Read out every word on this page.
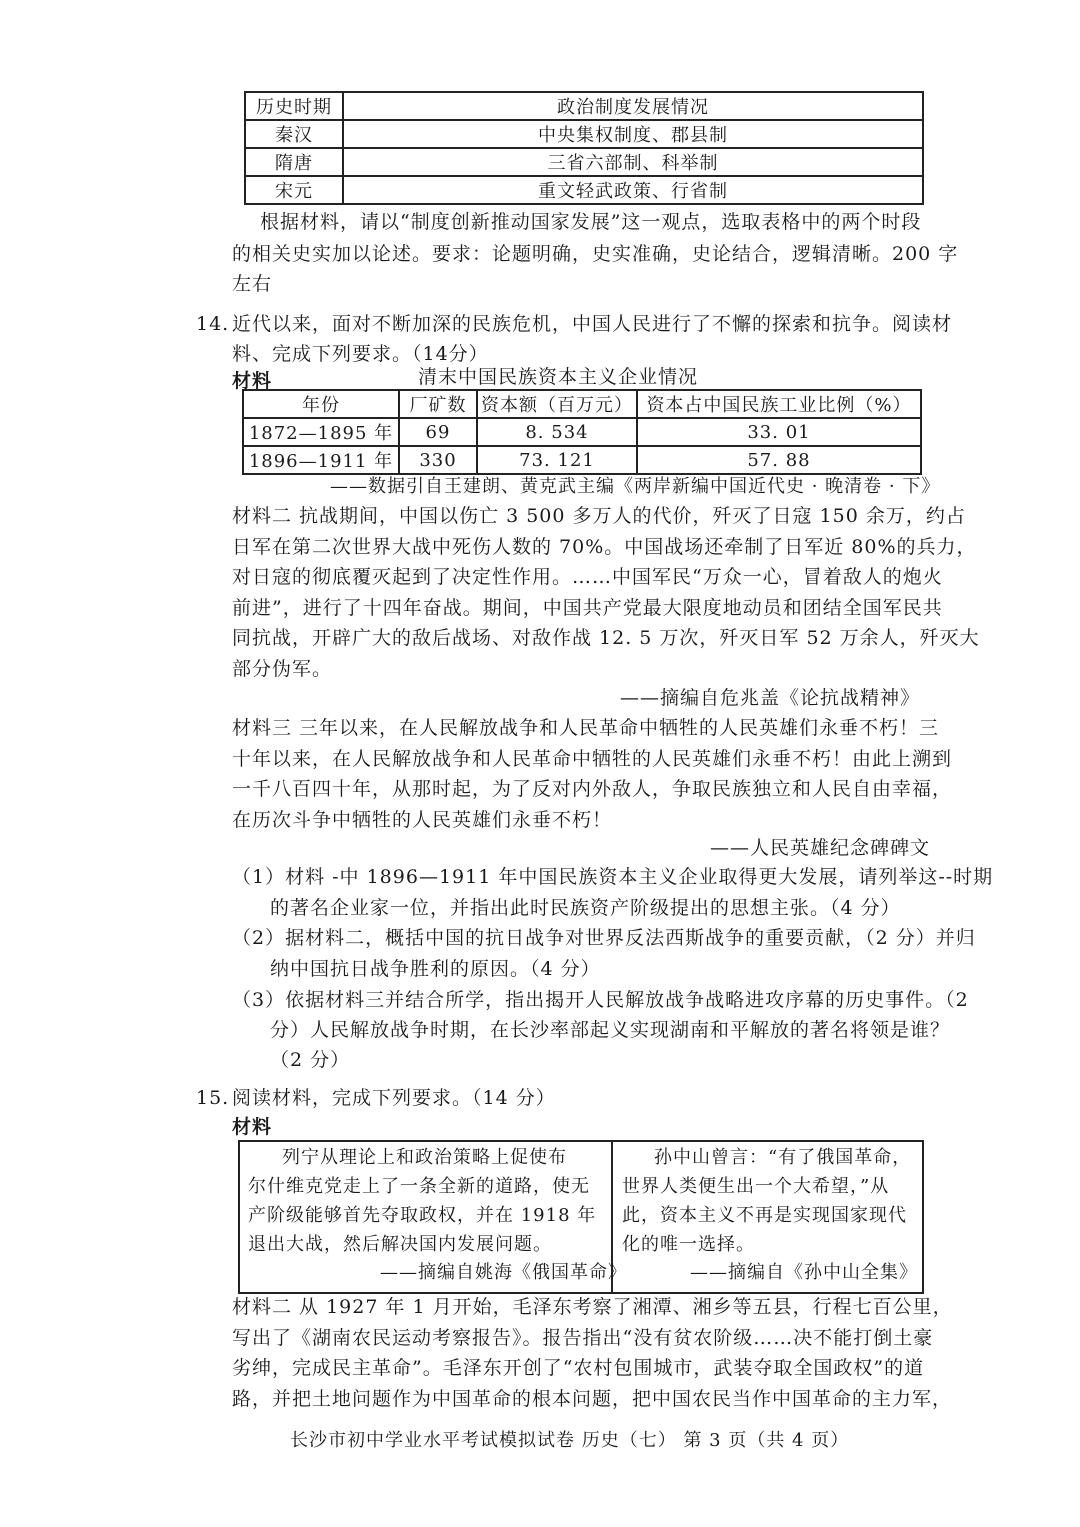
历史时期	政治制度发展情况
秦汉	中央集权制度、郡县制
隋唐	三省六部制、科举制
宋元	重文轻武政策、行省制
根据材料，请以“制度创新推动国家发展”这一观点，选取表格中的两个时段
的相关史实加以论述。要求：论题明确，史实准确，史论结合，逻辑清晰。200 字
左右
14. 近代以来，面对不断加深的民族危机，中国人民进行了不懈的探索和抗争。阅读材
料、完成下列要求。（14分）
材料	清末中国民族资本主义企业情况
年份	厂矿数	资本额（百万元）	资本占中国民族工业比例（%）
1872—1895 年	69	8. 534	33. 01
1896—1911 年	330	73. 121	57. 88
——数据引自王建朗、黄克武主编《两岸新编中国近代史 · 晚清卷 · 下》
材料二 抗战期间，中国以伤亡 3 500 多万人的代价，歼灭了日寇 150 余万，约占
日军在第二次世界大战中死伤人数的 70%。中国战场还牵制了日军近 80%的兵力，
对日寇的彻底覆灭起到了决定性作用。……中国军民“万众一心，冒着敌人的炮火
前进”，进行了十四年奋战。期间，中国共产党最大限度地动员和团结全国军民共
同抗战，开辟广大的敌后战场、对敌作战 12. 5 万次，歼灭日军 52 万余人，歼灭大
部分伪军。
——摘编自危兆盖《论抗战精神》
材料三 三年以来，在人民解放战争和人民革命中牺牲的人民英雄们永垂不朽！三
十年以来，在人民解放战争和人民革命中牺牲的人民英雄们永垂不朽！由此上溯到
一千八百四十年，从那时起，为了反对内外敌人，争取民族独立和人民自由幸福，
在历次斗争中牺牲的人民英雄们永垂不朽！
——人民英雄纪念碑碑文
（1）材料 -中 1896—1911 年中国民族资本主义企业取得更大发展，请列举这--时期
的著名企业家一位，并指出此时民族资产阶级提出的思想主张。（4 分）
（2）据材料二，概括中国的抗日战争对世界反法西斯战争的重要贡献，（2 分）并归
纳中国抗日战争胜利的原因。（4 分）
（3）依据材料三并结合所学，指出揭开人民解放战争战略进攻序幕的历史事件。（2
分）人民解放战争时期，在长沙率部起义实现湖南和平解放的著名将领是谁？
（2 分）
15. 阅读材料，完成下列要求。（14 分）
材料
列宁从理论上和政治策略上促使布
尔什维克党走上了一条全新的道路，使无
产阶级能够首先夺取政权，并在 1918 年
退出大战，然后解决国内发展问题。
——摘编自姚海《俄国革命》
孙中山曾言：“有了俄国革命，
世界人类便生出一个大希望，”从
此，资本主义不再是实现国家现代
化的唯一选择。
——摘编自《孙中山全集》
材料二 从 1927 年 1 月开始，毛泽东考察了湘潭、湘乡等五县，行程七百公里，
写出了《湖南农民运动考察报告》。报告指出“没有贫农阶级……决不能打倒土豪
劣绅，完成民主革命”。毛泽东开创了“农村包围城市，武装夺取全国政权”的道
路，并把土地问题作为中国革命的根本问题，把中国农民当作中国革命的主力军，
长沙市初中学业水平考试模拟试卷 历史（七） 第 3 页（共 4 页）
